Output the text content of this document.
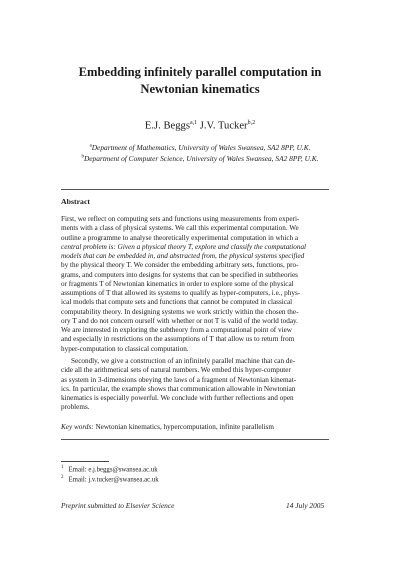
Embedding infinitely parallel computation in
Newtonian kinematics
E.J. Beggs$^{a,1}$ J.V. Tucker$^{b,2}$
$^a$Department of Mathematics, University of Wales Swansea, SA2 8PP, U.K.
$^b$Department of Computer Science, University of Wales Swansea, SA2 8PP, U.K.
Abstract
First, we reflect on computing sets and functions using measurements from experi-
ments with a class of physical systems. We call this experimental computation. We
outline a programme to analyse theoretically experimental computation in which a
central problem is: Given a physical theory T, explore and classify the computational
models that can be embedded in, and abstracted from, the physical systems specified
by the physical theory T. We consider the embedding arbitrary sets, functions, pro-
grams, and computers into designs for systems that can be specified in subtheories
or fragments T of Newtonian kinematics in order to explore some of the physical
assumptions of T that allowed its systems to qualify as hyper-computers, i.e., phys-
ical models that compute sets and functions that cannot be computed in classical
computability theory. In designing systems we work strictly within the chosen the-
ory T and do not concern ourself with whether or not T is valid of the world today.
We are interested in exploring the subtheory from a computational point of view
and especially in restrictions on the assumptions of T that allow us to return from
hyper-computation to classical computation.
Secondly, we give a construction of an infinitely parallel machine that can de-
cide all the arithmetical sets of natural numbers. We embed this hyper-computer
as system in 3-dimensions obeying the laws of a fragment of Newtonian kinemat-
ics. In particular, the example shows that communication allowable in Newtonian
kinematics is especially powerful. We conclude with further reflections and open
problems.
Key words: Newtonian kinematics, hypercomputation, infinite parallelism
$^1$ Email: e.j.beggs@swansea.ac.uk
$^2$ Email: j.v.tucker@swansea.ac.uk
Preprint submitted to Elsevier Science	14 July 2005
